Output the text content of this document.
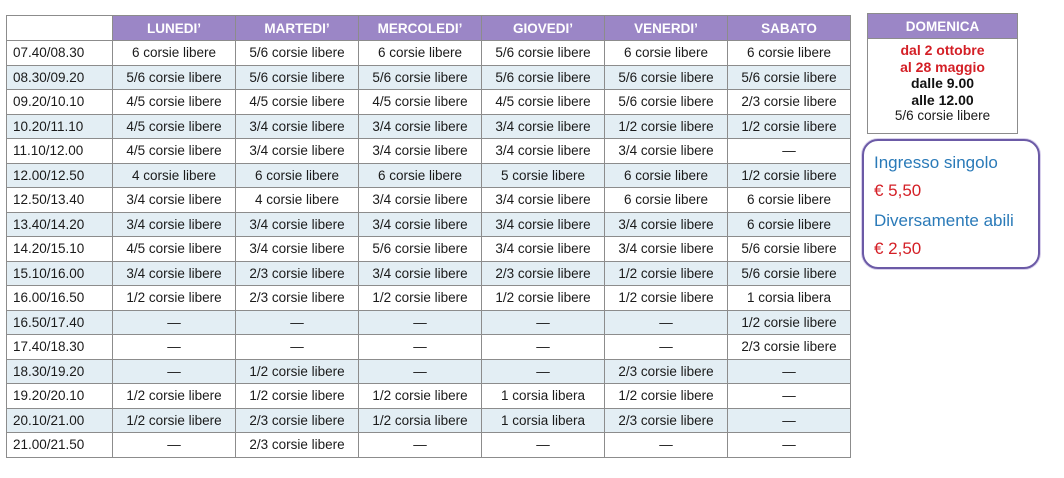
	LUNEDI’	MARTEDI’	MERCOLEDI’	GIOVEDI’	VENERDI’	SABATO
07.40/08.30	6 corsie libere	5/6 corsie libere	6 corsie libere	5/6 corsie libere	6 corsie libere	6 corsie libere
08.30/09.20	5/6 corsie libere	5/6 corsie libere	5/6 corsie libere	5/6 corsie libere	5/6 corsie libere	5/6 corsie libere
09.20/10.10	4/5 corsie libere	4/5 corsie libere	4/5 corsie libere	4/5 corsie libere	5/6 corsie libere	2/3 corsie libere
10.20/11.10	4/5 corsie libere	3/4 corsie libere	3/4 corsie libere	3/4 corsie libere	1/2 corsie libere	1/2 corsie libere
11.10/12.00	4/5 corsie libere	3/4 corsie libere	3/4 corsie libere	3/4 corsie libere	3/4 corsie libere	—
12.00/12.50	4 corsie libere	6 corsie libere	6 corsie libere	5 corsie libere	6 corsie libere	1/2 corsie libere
12.50/13.40	3/4 corsie libere	4 corsie libere	3/4 corsie libere	3/4 corsie libere	6 corsie libere	6 corsie libere
13.40/14.20	3/4 corsie libere	3/4 corsie libere	3/4 corsie libere	3/4 corsie libere	3/4 corsie libere	6 corsie libere
14.20/15.10	4/5 corsie libere	3/4 corsie libere	5/6 corsie libere	3/4 corsie libere	3/4 corsie libere	5/6 corsie libere
15.10/16.00	3/4 corsie libere	2/3 corsie libere	3/4 corsie libere	2/3 corsie libere	1/2 corsie libere	5/6 corsie libere
16.00/16.50	1/2 corsie libere	2/3 corsie libere	1/2 corsie libere	1/2 corsie libere	1/2 corsie libere	1 corsia libera
16.50/17.40	—	—	—	—	—	1/2 corsie libere
17.40/18.30	—	—	—	—	—	2/3 corsie libere
18.30/19.20	—	1/2 corsie libere	—	—	2/3 corsie libere	—
19.20/20.10	1/2 corsie libere	1/2 corsie libere	1/2 corsie libere	1 corsia libera	1/2 corsie libere	—
20.10/21.00	1/2 corsie libere	2/3 corsie libere	1/2 corsia libere	1 corsia libera	2/3 corsie libere	—
21.00/21.50	—	2/3 corsie libere	—	—	—	—
DOMENICA
dal 2 ottobre
al 28 maggio
dalle 9.00
alle 12.00
5/6 corsie libere
Ingresso singolo
€ 5,50
Diversamente abili
€ 2,50
